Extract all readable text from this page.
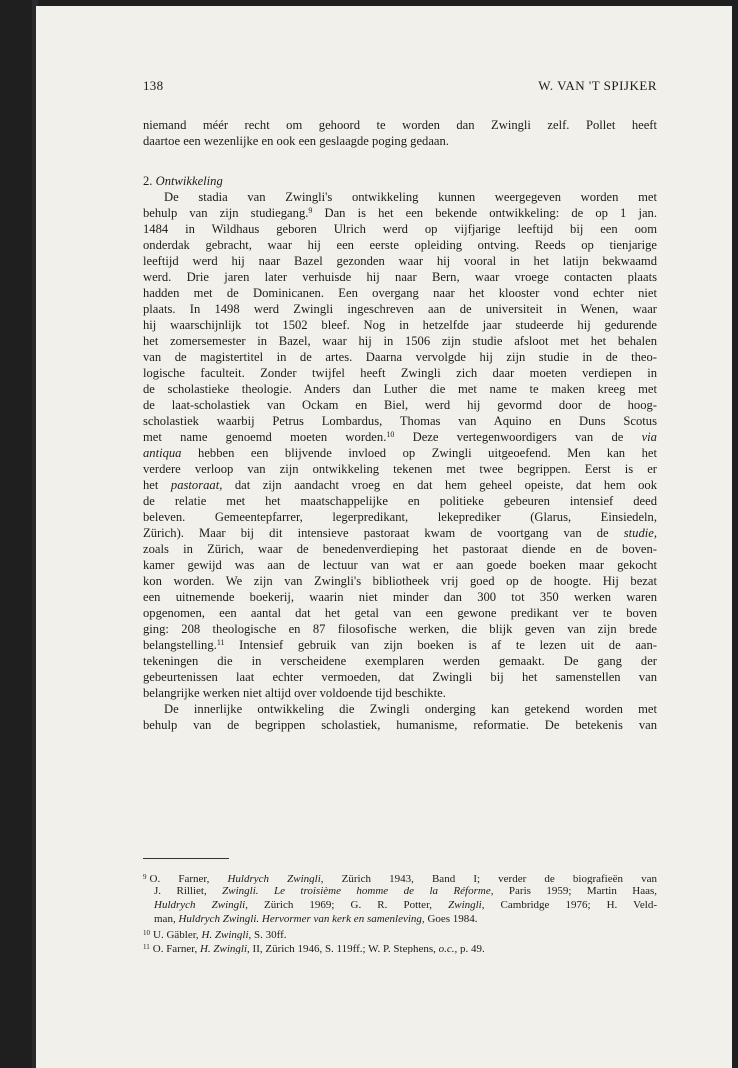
138	W. VAN 'T SPIJKER
niemand méér recht om gehoord te worden dan Zwingli zelf. Pollet heeft
daartoe een wezenlijke en ook een geslaagde poging gedaan.
2. Ontwikkeling
De stadia van Zwingli's ontwikkeling kunnen weergegeven worden met
behulp van zijn studiegang.$^9$ Dan is het een bekende ontwikkeling: de op 1 jan.
1484 in Wildhaus geboren Ulrich werd op vijfjarige leeftijd bij een oom
onderdak gebracht, waar hij een eerste opleiding ontving. Reeds op tienjarige
leeftijd werd hij naar Bazel gezonden waar hij vooral in het latijn bekwaamd
werd. Drie jaren later verhuisde hij naar Bern, waar vroege contacten plaats
hadden met de Dominicanen. Een overgang naar het klooster vond echter niet
plaats. In 1498 werd Zwingli ingeschreven aan de universiteit in Wenen, waar
hij waarschijnlijk tot 1502 bleef. Nog in hetzelfde jaar studeerde hij gedurende
het zomersemester in Bazel, waar hij in 1506 zijn studie afsloot met het behalen
van de magistertitel in de artes. Daarna vervolgde hij zijn studie in de theo-
logische faculteit. Zonder twijfel heeft Zwingli zich daar moeten verdiepen in
de scholastieke theologie. Anders dan Luther die met name te maken kreeg met
de laat-scholastiek van Ockam en Biel, werd hij gevormd door de hoog-
scholastiek waarbij Petrus Lombardus, Thomas van Aquino en Duns Scotus
met name genoemd moeten worden.$^{10}$ Deze vertegenwoordigers van de via
antiqua hebben een blijvende invloed op Zwingli uitgeoefend. Men kan het
verdere verloop van zijn ontwikkeling tekenen met twee begrippen. Eerst is er
het pastoraat, dat zijn aandacht vroeg en dat hem geheel opeiste, dat hem ook
de relatie met het maatschappelijke en politieke gebeuren intensief deed
beleven. Gemeentepfarrer, legerpredikant, lekeprediker (Glarus, Einsiedeln,
Zürich). Maar bij dit intensieve pastoraat kwam de voortgang van de studie,
zoals in Zürich, waar de benedenverdieping het pastoraat diende en de boven-
kamer gewijd was aan de lectuur van wat er aan goede boeken maar gekocht
kon worden. We zijn van Zwingli's bibliotheek vrij goed op de hoogte. Hij bezat
een uitnemende boekerij, waarin niet minder dan 300 tot 350 werken waren
opgenomen, een aantal dat het getal van een gewone predikant ver te boven
ging: 208 theologische en 87 filosofische werken, die blijk geven van zijn brede
belangstelling.$^{11}$ Intensief gebruik van zijn boeken is af te lezen uit de aan-
tekeningen die in verscheidene exemplaren werden gemaakt. De gang der
gebeurtenissen laat echter vermoeden, dat Zwingli bij het samenstellen van
belangrijke werken niet altijd over voldoende tijd beschikte.
De innerlijke ontwikkeling die Zwingli onderging kan getekend worden met
behulp van de begrippen scholastiek, humanisme, reformatie. De betekenis van
$^9$ O. Farner, Huldrych Zwingli, Zürich 1943, Band I; verder de biografieën van
J. Rilliet, Zwingli. Le troisième homme de la Réforme, Paris 1959; Martin Haas,
Huldrych Zwingli, Zürich 1969; G. R. Potter, Zwingli, Cambridge 1976; H. Veld-
man, Huldrych Zwingli. Hervormer van kerk en samenleving, Goes 1984.
$^{10}$ U. Gäbler, H. Zwingli, S. 30ff.
$^{11}$ O. Farner, H. Zwingli, II, Zürich 1946, S. 119ff.; W. P. Stephens, o.c., p. 49.
